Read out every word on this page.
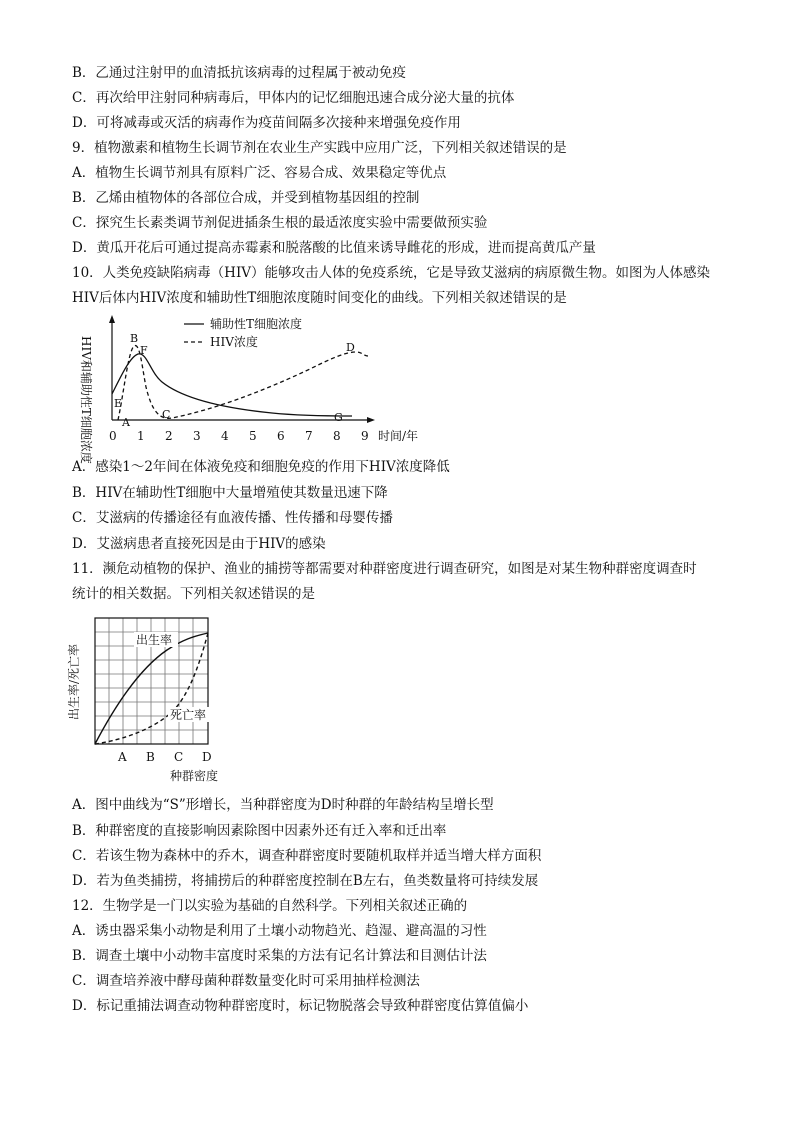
B．乙通过注射甲的血清抵抗该病毒的过程属于被动免疫
C．再次给甲注射同种病毒后，甲体内的记忆细胞迅速合成分泌大量的抗体
D．可将减毒或灭活的病毒作为疫苗间隔多次接种来增强免疫作用
9．植物激素和植物生长调节剂在农业生产实践中应用广泛，下列相关叙述错误的是
A．植物生长调节剂具有原料广泛、容易合成、效果稳定等优点
B．乙烯由植物体的各部位合成，并受到植物基因组的控制
C．探究生长素类调节剂促进插条生根的最适浓度实验中需要做预实验
D．黄瓜开花后可通过提高赤霉素和脱落酸的比值来诱导雌花的形成，进而提高黄瓜产量
10．人类免疫缺陷病毒（HIV）能够攻击人体的免疫系统，它是导致艾滋病的病原微生物。如图为人体感染
HIV后体内HIV浓度和辅助性T细胞浓度随时间变化的曲线。下列相关叙述错误的是
HIV和辅助性T细胞浓度 0 1 2 3 4 5 6 7 8 9 时间/年
辅助性T细胞浓度
HIV浓度
A
B
C
D
E
F
G
A．感染1～2年间在体液免疫和细胞免疫的作用下HIV浓度降低
B．HIV在辅助性T细胞中大量增殖使其数量迅速下降
C．艾滋病的传播途径有血液传播、性传播和母婴传播
D．艾滋病患者直接死因是由于HIV的感染
11．濒危动植物的保护、渔业的捕捞等都需要对种群密度进行调查研究，如图是对某生物种群密度调查时
统计的相关数据。下列相关叙述错误的是
出生率/死亡率
出生率
死亡率
A B C D
种群密度
A．图中曲线为“S”形增长，当种群密度为D时种群的年龄结构呈增长型
B．种群密度的直接影响因素除图中因素外还有迁入率和迁出率
C．若该生物为森林中的乔木，调查种群密度时要随机取样并适当增大样方面积
D．若为鱼类捕捞，将捕捞后的种群密度控制在B左右，鱼类数量将可持续发展
12．生物学是一门以实验为基础的自然科学。下列相关叙述正确的
A．诱虫器采集小动物是利用了土壤小动物趋光、趋湿、避高温的习性
B．调查土壤中小动物丰富度时采集的方法有记名计算法和目测估计法
C．调查培养液中酵母菌种群数量变化时可采用抽样检测法
D．标记重捕法调查动物种群密度时，标记物脱落会导致种群密度估算值偏小
